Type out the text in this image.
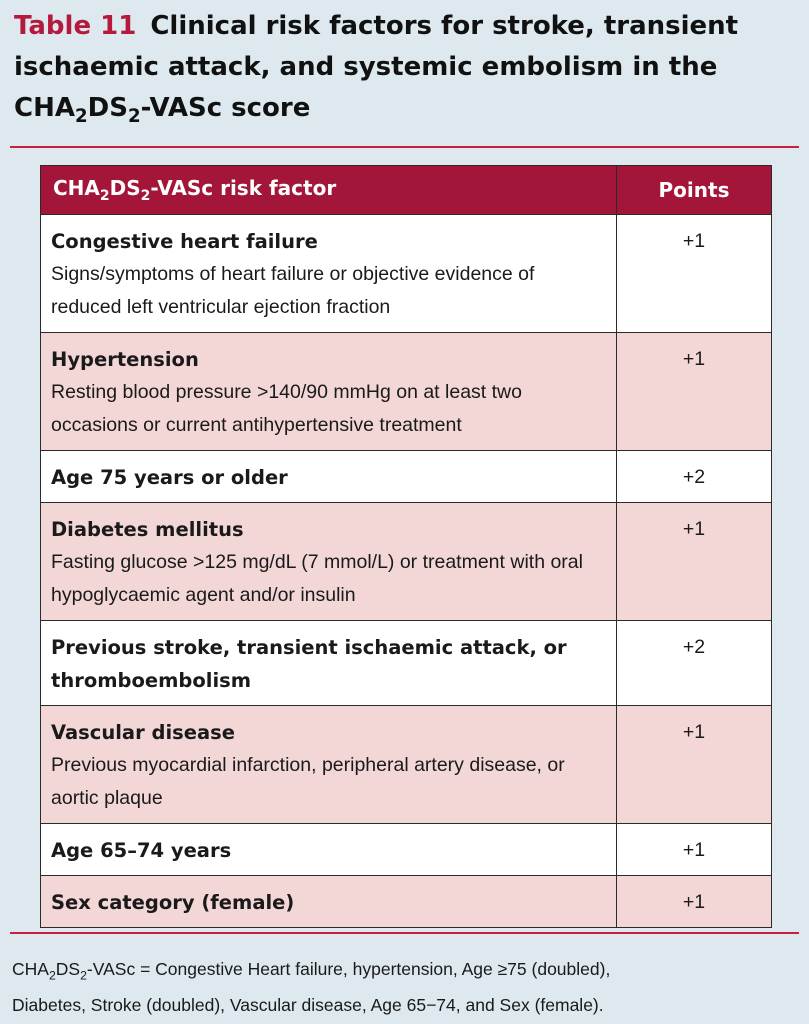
Table 11 Clinical risk factors for stroke, transient
ischaemic attack, and systemic embolism in the
$CHA_2DS_2$-VASc score
$CHA_2DS_2$-VASc risk factor	Points

Congestive heart failure
Signs/symptoms of heart failure or objective evidence of reduced left ventricular ejection fraction	+1

Hypertension
Resting blood pressure >140/90 mmHg on at least two occasions or current antihypertensive treatment	+1

Age 75 years or older	+2

Diabetes mellitus
Fasting glucose >125 mg/dL (7 mmol/L) or treatment with oral hypoglycaemic agent and/or insulin	+1

Previous stroke, transient ischaemic attack, or thromboembolism	+2

Vascular disease
Previous myocardial infarction, peripheral artery disease, or aortic plaque	+1

Age 65–74 years	+1

Sex category (female)	+1
$CHA_2DS_2$-VASc = Congestive Heart failure, hypertension, Age ≥75 (doubled),
Diabetes, Stroke (doubled), Vascular disease, Age 65−74, and Sex (female).
